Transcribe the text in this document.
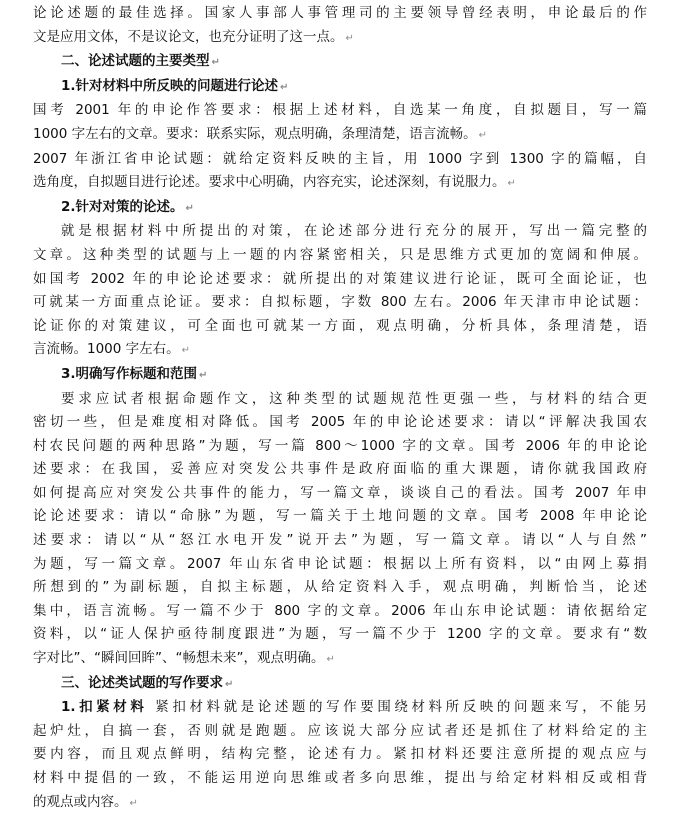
论论述题的最佳选择。国家人事部人事管理司的主要领导曾经表明，申论最后的作
文是应用文体，不是议论文，也充分证明了这一点。 ↵
二、论述试题的主要类型 ↵
1.针对材料中所反映的问题进行论述 ↵
国考 2001 年的申论作答要求：根据上述材料，自选某一角度，自拟题目，写一篇
1000 字左右的文章。要求：联系实际，观点明确，条理清楚，语言流畅。 ↵
2007 年浙江省申论试题：就给定资料反映的主旨，用 1000 字到 1300 字的篇幅，自
选角度，自拟题目进行论述。要求中心明确，内容充实，论述深刻，有说服力。 ↵
2.针对对策的论述。 ↵
就是根据材料中所提出的对策，在论述部分进行充分的展开，写出一篇完整的
文章。这种类型的试题与上一题的内容紧密相关，只是思维方式更加的宽阔和伸展。
如国考 2002 年的申论论述要求：就所提出的对策建议进行论证，既可全面论证，也
可就某一方面重点论证。要求：自拟标题，字数 800 左右。2006 年天津市申论试题：
论证你的对策建议，可全面也可就某一方面，观点明确，分析具体，条理清楚，语
言流畅。1000 字左右。 ↵
3.明确写作标题和范围 ↵
要求应试者根据命题作文，这种类型的试题规范性更强一些，与材料的结合更
密切一些，但是难度相对降低。国考 2005 年的申论论述要求：请以“评解决我国农
村农民问题的两种思路”为题，写一篇 800～1000 字的文章。国考 2006 年的申论论
述要求：在我国，妥善应对突发公共事件是政府面临的重大课题，请你就我国政府
如何提高应对突发公共事件的能力，写一篇文章，谈谈自己的看法。国考 2007 年申
论论述要求：请以“命脉”为题，写一篇关于土地问题的文章。国考 2008 年申论论
述要求：请以“从“怒江水电开发”说开去”为题，写一篇文章。请以“人与自然”
为题，写一篇文章。2007 年山东省申论试题：根据以上所有资料，以“由网上募捐
所想到的”为副标题，自拟主标题，从给定资料入手，观点明确，判断恰当，论述
集中，语言流畅。写一篇不少于 800 字的文章。2006 年山东申论试题：请依据给定
资料，以“证人保护亟待制度跟进”为题，写一篇不少于 1200 字的文章。要求有“数
字对比”、“瞬间回眸”、“畅想未来”，观点明确。 ↵
三、论述类试题的写作要求 ↵
1.扣紧材料 紧扣材料就是论述题的写作要围绕材料所反映的问题来写，不能另
起炉灶，自搞一套，否则就是跑题。应该说大部分应试者还是抓住了材料给定的主
要内容，而且观点鲜明，结构完整，论述有力。紧扣材料还要注意所提的观点应与
材料中提倡的一致，不能运用逆向思维或者多向思维，提出与给定材料相反或相背
的观点或内容。 ↵
